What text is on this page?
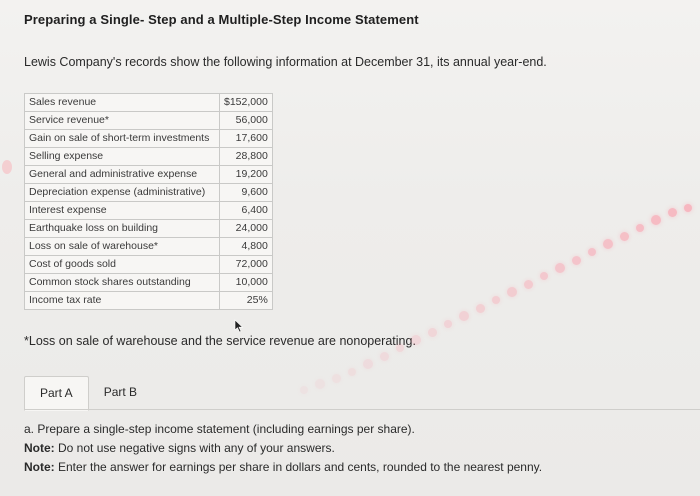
Preparing a Single- Step and a Multiple-Step Income Statement
Lewis Company's records show the following information at December 31, its annual year-end.
Sales revenue	$152,000
Service revenue*	56,000
Gain on sale of short-term investments	17,600
Selling expense	28,800
General and administrative expense	19,200
Depreciation expense (administrative)	9,600
Interest expense	6,400
Earthquake loss on building	24,000
Loss on sale of warehouse*	4,800
Cost of goods sold	72,000
Common stock shares outstanding	10,000
Income tax rate	25%
*Loss on sale of warehouse and the service revenue are nonoperating.
Part A	Part B
a. Prepare a single-step income statement (including earnings per share).
Note: Do not use negative signs with any of your answers.
Note: Enter the answer for earnings per share in dollars and cents, rounded to the nearest penny.
